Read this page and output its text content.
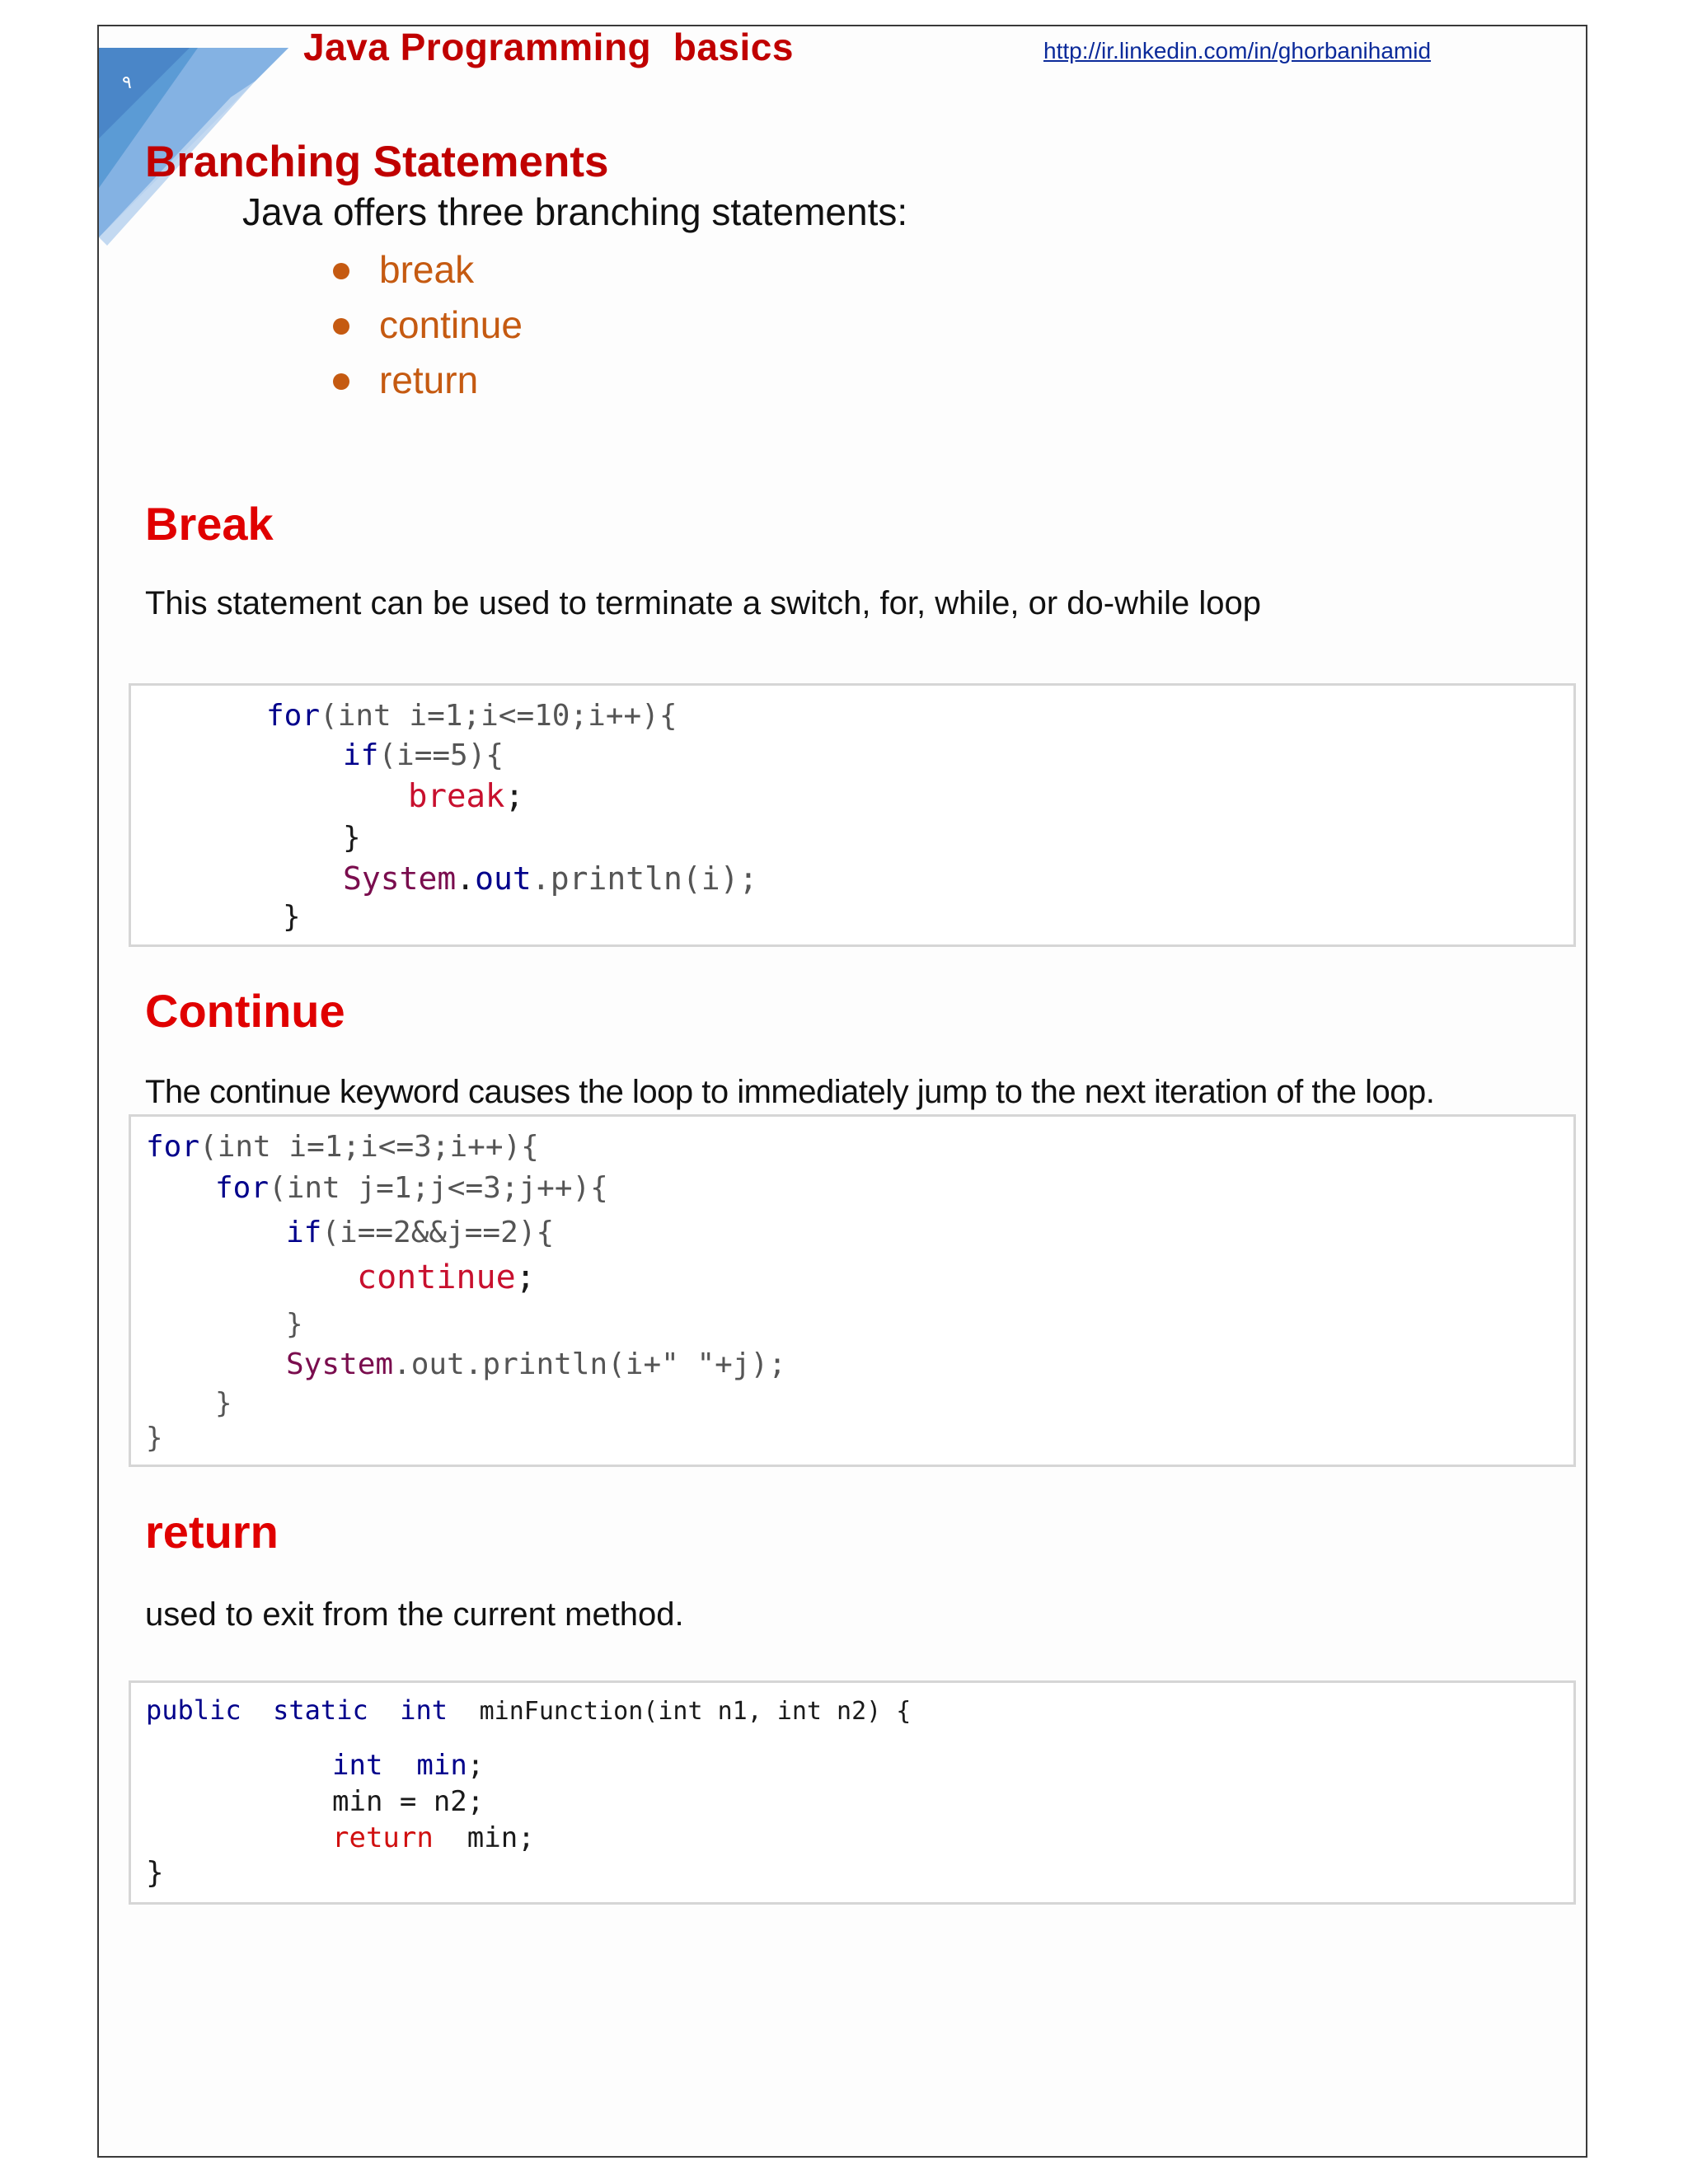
٩
Java Programming  basics	http://ir.linkedin.com/in/ghorbanihamid
Branching Statements
Java offers three branching statements:
break
continue
return
Break
This statement can be used to terminate a switch, for, while, or do-while loop
for(int i=1;i<=10;i++){
if(i==5){
break;
}
System.out.println(i);
}
Continue
The continue keyword causes the loop to immediately jump to the next iteration of the loop.
for(int i=1;i<=3;i++){
for(int j=1;j<=3;j++){
if(i==2&&j==2){
continue;
}
System.out.println(i+" "+j);
}
}
return
used to exit from the current method.
public static int minFunction(int n1, int n2) {
int min;
min = n2;
return min;
}
